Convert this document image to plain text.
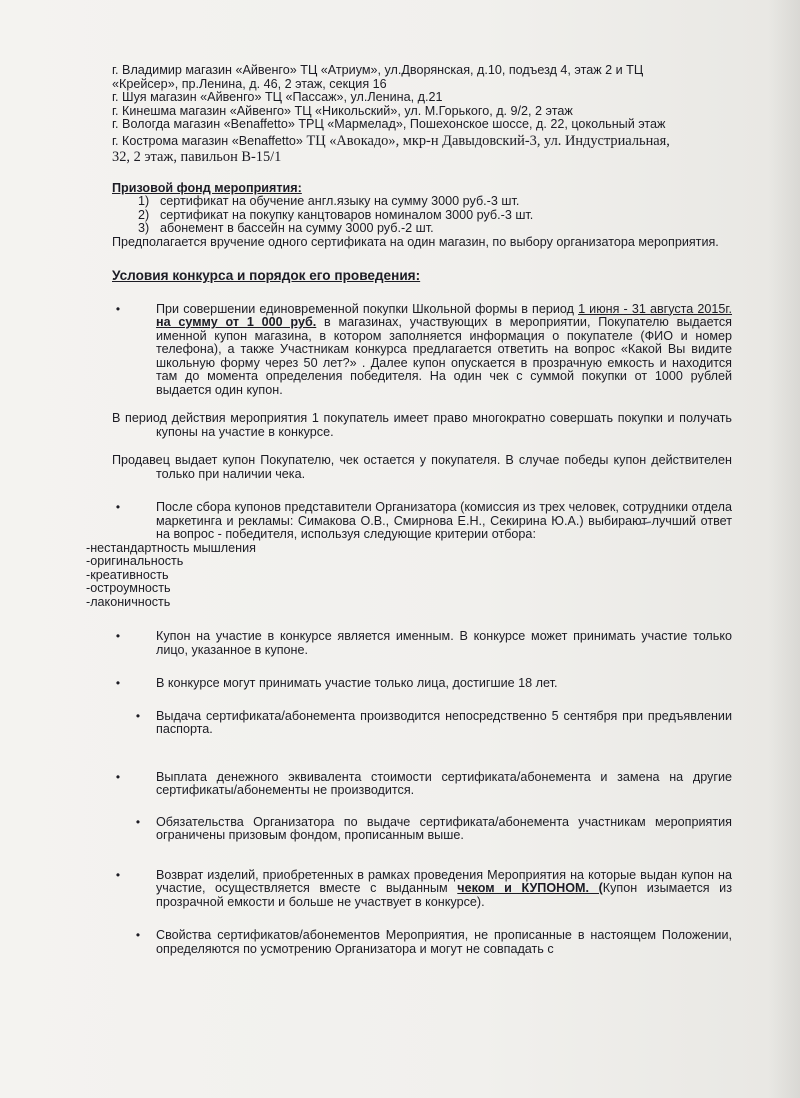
г. Владимир магазин «Айвенго» ТЦ «Атриум», ул.Дворянская, д.10, подъезд 4, этаж 2 и ТЦ
«Крейсер», пр.Ленина, д. 46, 2 этаж, секция 16
г. Шуя магазин «Айвенго» ТЦ «Пассаж», ул.Ленина, д.21
г. Кинешма магазин «Айвенго» ТЦ «Никольский», ул. М.Горького, д. 9/2, 2 этаж
г. Вологда магазин «Benaffetto» ТРЦ «Мармелад», Пошехонское шоссе, д. 22, цокольный этаж
г. Кострома магазин «Benaffetto» ТЦ «Авокадо», мкр-н Давыдовский-3, ул. Индустриальная,
32, 2 этаж, павильон В-15/1
Призовой фонд мероприятия:
1) сертификат на обучение англ.языку на сумму 3000 руб.-3 шт.
2) сертификат на покупку канцтоваров номиналом 3000 руб.-3 шт.
3) абонемент в бассейн на сумму 3000 руб.-2 шт.
Предполагается вручение одного сертификата на один магазин, по выбору организатора мероприятия.
Условия конкурса и порядок его проведения:
•	При совершении единовременной покупки Школьной формы в период 1 июня - 31 августа 2015г. на сумму от 1 000 руб. в магазинах, участвующих в мероприятии, Покупателю выдается именной купон магазина, в котором заполняется информация о покупателе (ФИО и номер телефона), а также Участникам конкурса предлагается ответить на вопрос «Какой Вы видите школьную форму через 50 лет?» . Далее купон опускается в прозрачную емкость и находится там до момента определения победителя. На один чек с суммой покупки от 1000 рублей выдается один купон.
В период действия мероприятия 1 покупатель имеет право многократно совершать покупки и получать купоны на участие в конкурсе.
Продавец выдает купон Покупателю, чек остается у покупателя. В случае победы купон действителен только при наличии чека.
•	После сбора купонов представители Организатора (комиссия из трех человек, сотрудники отдела маркетинга и рекламы: Симакова О.В., Смирнова Е.Н., Секирина Ю.А.) выбирают лучший ответ на вопрос - победителя, используя следующие критерии отбора:
-нестандартность мышления
-оригинальность
-креативность
-остроумность
-лаконичность
•	Купон на участие в конкурсе является именным. В конкурсе может принимать участие только лицо, указанное в купоне.
•	В конкурсе могут принимать участие только лица, достигшие 18 лет.
•	Выдача сертификата/абонемента производится непосредственно 5 сентября при предъявлении паспорта.
•	Выплата денежного эквивалента стоимости сертификата/абонемента и замена на другие сертификаты/абонементы не производится.
•	Обязательства Организатора по выдаче сертификата/абонемента участникам мероприятия ограничены призовым фондом, прописанным выше.
•	Возврат изделий, приобретенных в рамках проведения Мероприятия на которые выдан купон на участие, осуществляется вместе с выданным чеком и КУПОНОМ. (Купон изымается из прозрачной емкости и больше не участвует в конкурсе).
•	Свойства сертификатов/абонементов Мероприятия, не прописанные в настоящем Положении, определяются по усмотрению Организатора и могут не совпадать с
